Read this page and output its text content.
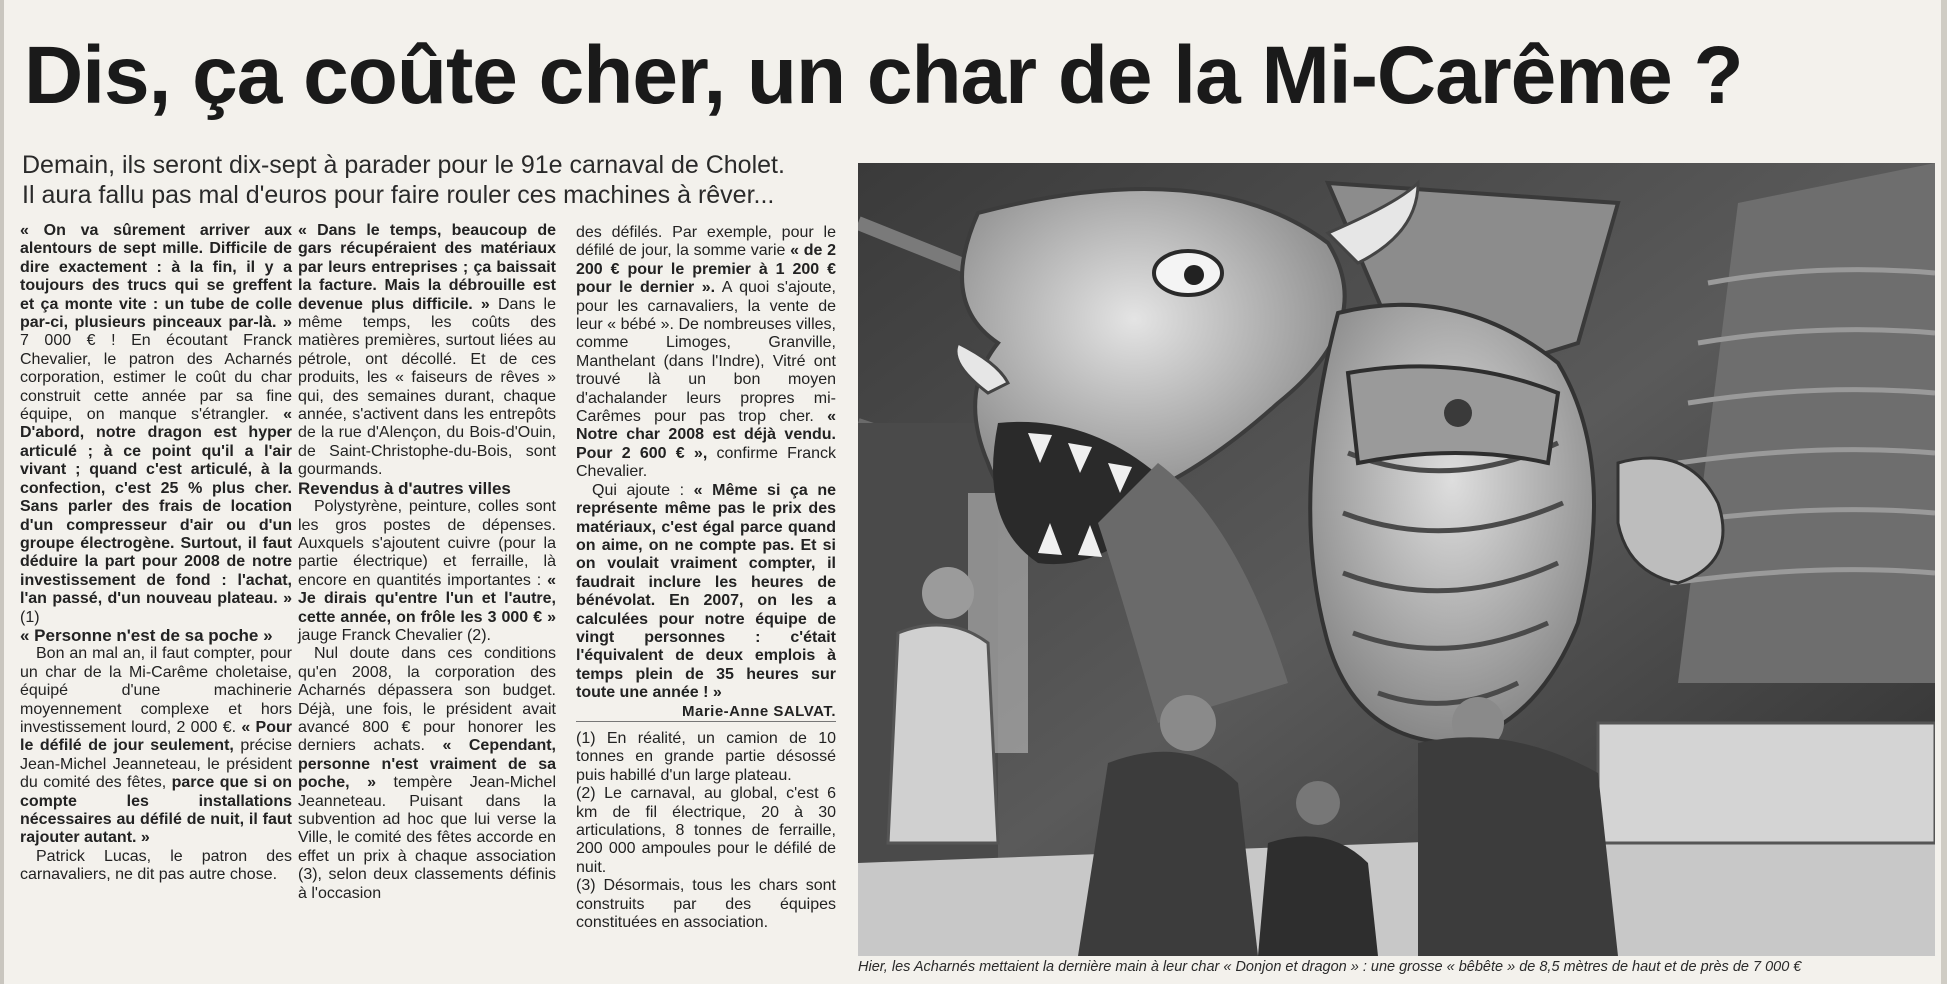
Dis, ça coûte cher, un char de la Mi-Carême ?
Demain, ils seront dix-sept à parader pour le 91e carnaval de Cholet.
Il aura fallu pas mal d'euros pour faire rouler ces machines à rêver...

« On va sûrement arriver aux alentours de sept mille. Difficile de dire exactement : à la fin, il y a toujours des trucs qui se greffent et ça monte vite : un tube de colle par-ci, plusieurs pinceaux par-là. » 7 000 € ! En écoutant Franck Chevalier, le patron des Acharnés corporation, estimer le coût du char construit cette année par sa fine équipe, on manque s'étrangler. « D'abord, notre dragon est hyper articulé ; à ce point qu'il a l'air vivant ; quand c'est articulé, à la confection, c'est 25 % plus cher. Sans parler des frais de location d'un compresseur d'air ou d'un groupe électrogène. Surtout, il faut déduire la part pour 2008 de notre investissement de fond : l'achat, l'an passé, d'un nouveau plateau. » (1)

« Personne n'est de sa poche »

Bon an mal an, il faut compter, pour un char de la Mi-Carême choletaise, équipé d'une machinerie moyennement complexe et hors investissement lourd, 2 000 €. « Pour le défilé de jour seulement, précise Jean-Michel Jeanneteau, le président du comité des fêtes, parce que si on compte les installations nécessaires au défilé de nuit, il faut rajouter autant. »

Patrick Lucas, le patron des carnavaliers, ne dit pas autre chose.

« Dans le temps, beaucoup de gars récupéraient des matériaux par leurs entreprises ; ça baissait la facture. Mais la débrouille est devenue plus difficile. » Dans le même temps, les coûts des matières premières, surtout liées au pétrole, ont décollé. Et de ces produits, les « faiseurs de rêves » qui, des semaines durant, chaque année, s'activent dans les entrepôts de la rue d'Alençon, du Bois-d'Ouin, de Saint-Christophe-du-Bois, sont gourmands.

Revendus à d'autres villes

Polystyrène, peinture, colles sont les gros postes de dépenses. Auxquels s'ajoutent cuivre (pour la partie électrique) et ferraille, là encore en quantités importantes : « Je dirais qu'entre l'un et l'autre, cette année, on frôle les 3 000 € » jauge Franck Chevalier (2).

Nul doute dans ces conditions qu'en 2008, la corporation des Acharnés dépassera son budget. Déjà, une fois, le président avait avancé 800 € pour honorer les derniers achats. « Cependant, personne n'est vraiment de sa poche, » tempère Jean-Michel Jeanneteau. Puisant dans la subvention ad hoc que lui verse la Ville, le comité des fêtes accorde en effet un prix à chaque association (3), selon deux classements définis à l'occasion

des défilés. Par exemple, pour le défilé de jour, la somme varie « de 2 200 € pour le premier à 1 200 € pour le dernier ». A quoi s'ajoute, pour les carnavaliers, la vente de leur « bébé ». De nombreuses villes, comme Limoges, Granville, Manthelant (dans l'Indre), Vitré ont trouvé là un bon moyen d'achalander leurs propres mi-Carêmes pour pas trop cher. « Notre char 2008 est déjà vendu. Pour 2 600 € », confirme Franck Chevalier.

Qui ajoute : « Même si ça ne représente même pas le prix des matériaux, c'est égal parce quand on aime, on ne compte pas. Et si on voulait vraiment compter, il faudrait inclure les heures de bénévolat. En 2007, on les a calculées pour notre équipe de vingt personnes : c'était l'équivalent de deux emplois à temps plein de 35 heures sur toute une année ! »

Marie-Anne SALVAT.

(1) En réalité, un camion de 10 tonnes en grande partie désossé puis habillé d'un large plateau.

(2) Le carnaval, au global, c'est 6 km de fil électrique, 20 à 30 articulations, 8 tonnes de ferraille, 200 000 ampoules pour le défilé de nuit.

(3) Désormais, tous les chars sont construits par des équipes constituées en association.

Hier, les Acharnés mettaient la dernière main à leur char « Donjon et dragon » : une grosse « bêbête » de 8,5 mètres de haut et de près de 7 000 €
